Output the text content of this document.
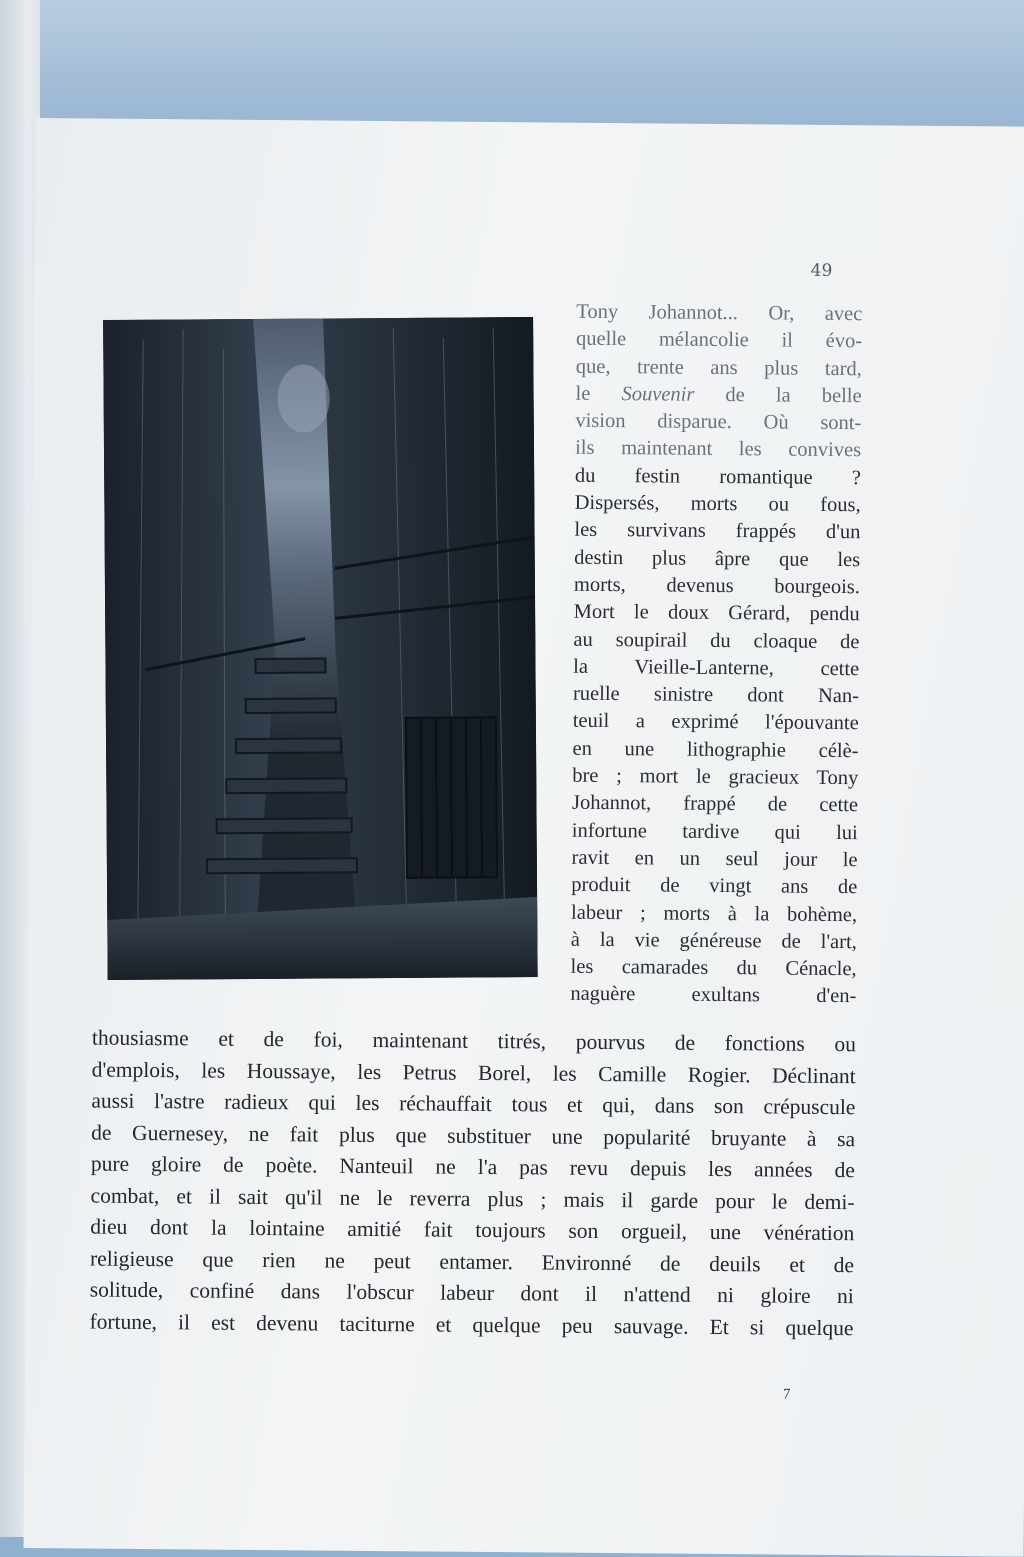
49
Tony Johannot... Or, avec
quelle mélancolie il évo-
que, trente ans plus tard,
le Souvenir de la belle
vision disparue. Où sont-
ils maintenant les convives
du festin romantique ?
Dispersés, morts ou fous,
les survivans frappés d'un
destin plus âpre que les
morts, devenus bourgeois.
Mort le doux Gérard, pendu
au soupirail du cloaque de
la Vieille-Lanterne, cette
ruelle sinistre dont Nan-
teuil a exprimé l'épouvante
en une lithographie célè-
bre ; mort le gracieux Tony
Johannot, frappé de cette
infortune tardive qui lui
ravit en un seul jour le
produit de vingt ans de
labeur ; morts à la bohème,
à la vie généreuse de l'art,
les camarades du Cénacle,
naguère exultans d'en-
thousiasme et de foi, maintenant titrés, pourvus de fonctions ou
d'emplois, les Houssaye, les Petrus Borel, les Camille Rogier. Déclinant
aussi l'astre radieux qui les réchauffait tous et qui, dans son crépuscule
de Guernesey, ne fait plus que substituer une popularité bruyante à sa
pure gloire de poète. Nanteuil ne l'a pas revu depuis les années de
combat, et il sait qu'il ne le reverra plus ; mais il garde pour le demi-
dieu dont la lointaine amitié fait toujours son orgueil, une vénération
religieuse que rien ne peut entamer. Environné de deuils et de
solitude, confiné dans l'obscur labeur dont il n'attend ni gloire ni
fortune, il est devenu taciturne et quelque peu sauvage. Et si quelque
7
